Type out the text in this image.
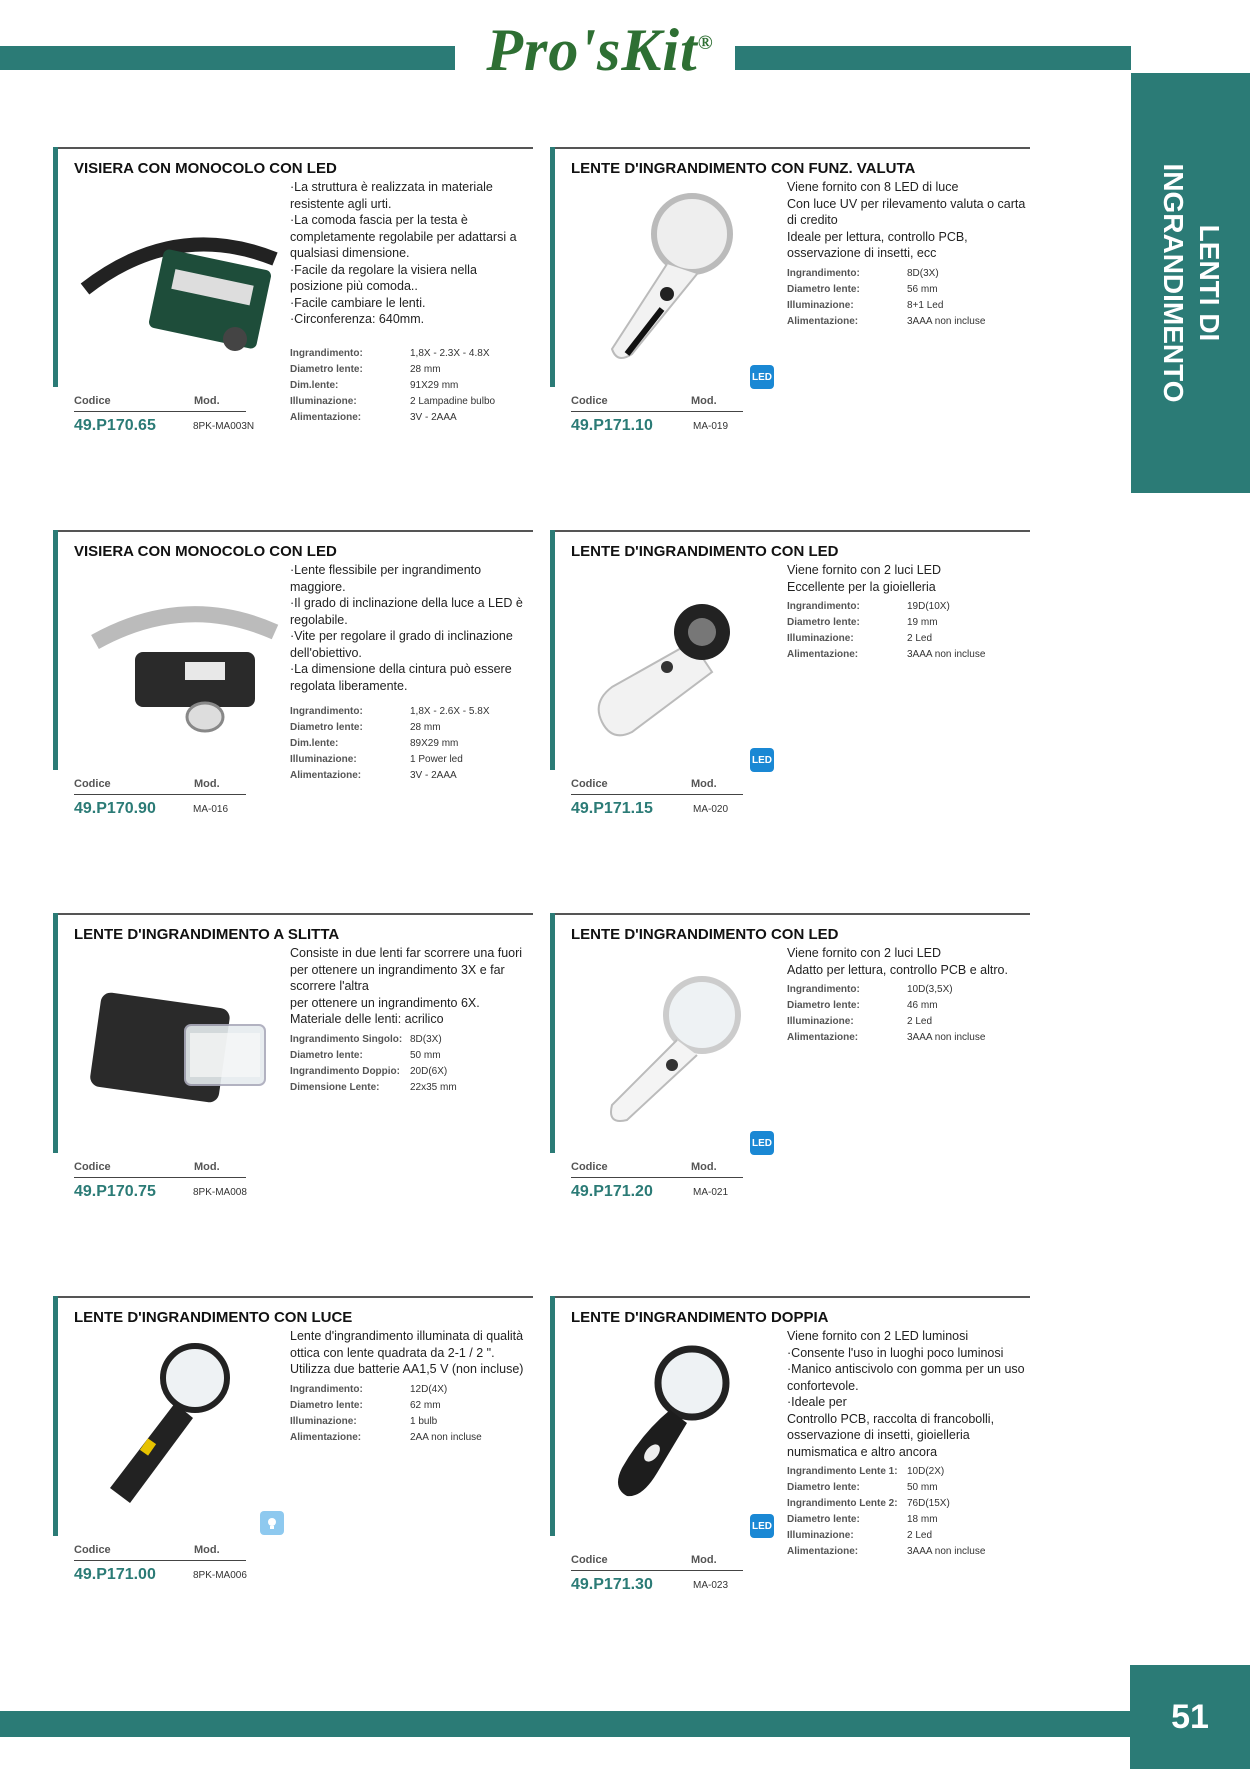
Pro'sKit®
LENTI DI
INGRANDIMENTO
VISIERA CON MONOCOLO CON LED
·La struttura è realizzata in materiale resistente agli urti.
·La comoda fascia per la testa è completamente regolabile per adattarsi a qualsiasi dimensione.
·Facile da regolare la visiera nella posizione più comoda..
·Facile cambiare le lenti.
·Circonferenza: 640mm.
Ingrandimento:	1,8X - 2.3X - 4.8X
Diametro lente:	28 mm
Dim.lente:	91X29 mm
Illuminazione:	2 Lampadine bulbo
Alimentazione:	3V - 2AAA
Codice	Mod.
49.P170.65	8PK-MA003N
LENTE D'INGRANDIMENTO CON FUNZ. VALUTA
Viene fornito con 8 LED di luce
Con luce UV per rilevamento valuta o carta di credito
Ideale per lettura, controllo PCB, osservazione di insetti, ecc
Ingrandimento:	8D(3X)
Diametro lente:	56 mm
Illuminazione:	8+1 Led
Alimentazione:	3AAA non incluse
LED
Codice	Mod.
49.P171.10	MA-019
VISIERA CON MONOCOLO CON LED
·Lente flessibile per ingrandimento maggiore.
·Il grado di inclinazione della luce a LED è regolabile.
·Vite per regolare il grado di inclinazione dell'obiettivo.
·La dimensione della cintura può essere regolata liberamente.
Ingrandimento:	1,8X - 2.6X - 5.8X
Diametro lente:	28 mm
Dim.lente:	89X29 mm
Illuminazione:	1 Power led
Alimentazione:	3V - 2AAA
Codice	Mod.
49.P170.90	MA-016
LENTE D'INGRANDIMENTO CON LED
Viene fornito con 2 luci LED
Eccellente per la gioielleria
Ingrandimento:	19D(10X)
Diametro lente:	19 mm
Illuminazione:	2 Led
Alimentazione:	3AAA non incluse
LED
Codice	Mod.
49.P171.15	MA-020
LENTE D'INGRANDIMENTO A SLITTA
Consiste in due lenti far scorrere una fuori per ottenere un ingrandimento 3X e far scorrere l'altra
per ottenere un ingrandimento 6X.
Materiale delle lenti: acrilico
Ingrandimento Singolo: 8D(3X)
Diametro lente:	50 mm
Ingrandimento Doppio:	20D(6X)
Dimensione Lente:	22x35 mm
Codice	Mod.
49.P170.75	8PK-MA008
LENTE D'INGRANDIMENTO CON LED
Viene fornito con 2 luci LED
Adatto per lettura, controllo PCB e altro.
Ingrandimento:	10D(3,5X)
Diametro lente:	46 mm
Illuminazione:	2 Led
Alimentazione:	3AAA non incluse
LED
Codice	Mod.
49.P171.20	MA-021
LENTE D'INGRANDIMENTO CON LUCE
Lente d'ingrandimento illuminata di qualità ottica con lente quadrata da 2-1 / 2 ". Utilizza due batterie AA1,5 V (non incluse)
Ingrandimento:	12D(4X)
Diametro lente:	62 mm
Illuminazione:	1 bulb
Alimentazione:	2AA non incluse
Codice	Mod.
49.P171.00	8PK-MA006
LENTE D'INGRANDIMENTO DOPPIA
Viene fornito con 2 LED luminosi
·Consente l'uso in luoghi poco luminosi
·Manico antiscivolo con gomma per un uso confortevole.
·Ideale per
Controllo PCB, raccolta di francobolli, osservazione di insetti, gioielleria numismatica e altro ancora
Ingrandimento Lente 1: 10D(2X)
Diametro lente:	50 mm
Ingrandimento Lente 2: 76D(15X)
Diametro lente:	18 mm
Illuminazione:	2 Led
Alimentazione:	3AAA non incluse
LED
Codice	Mod.
49.P171.30	MA-023
51
